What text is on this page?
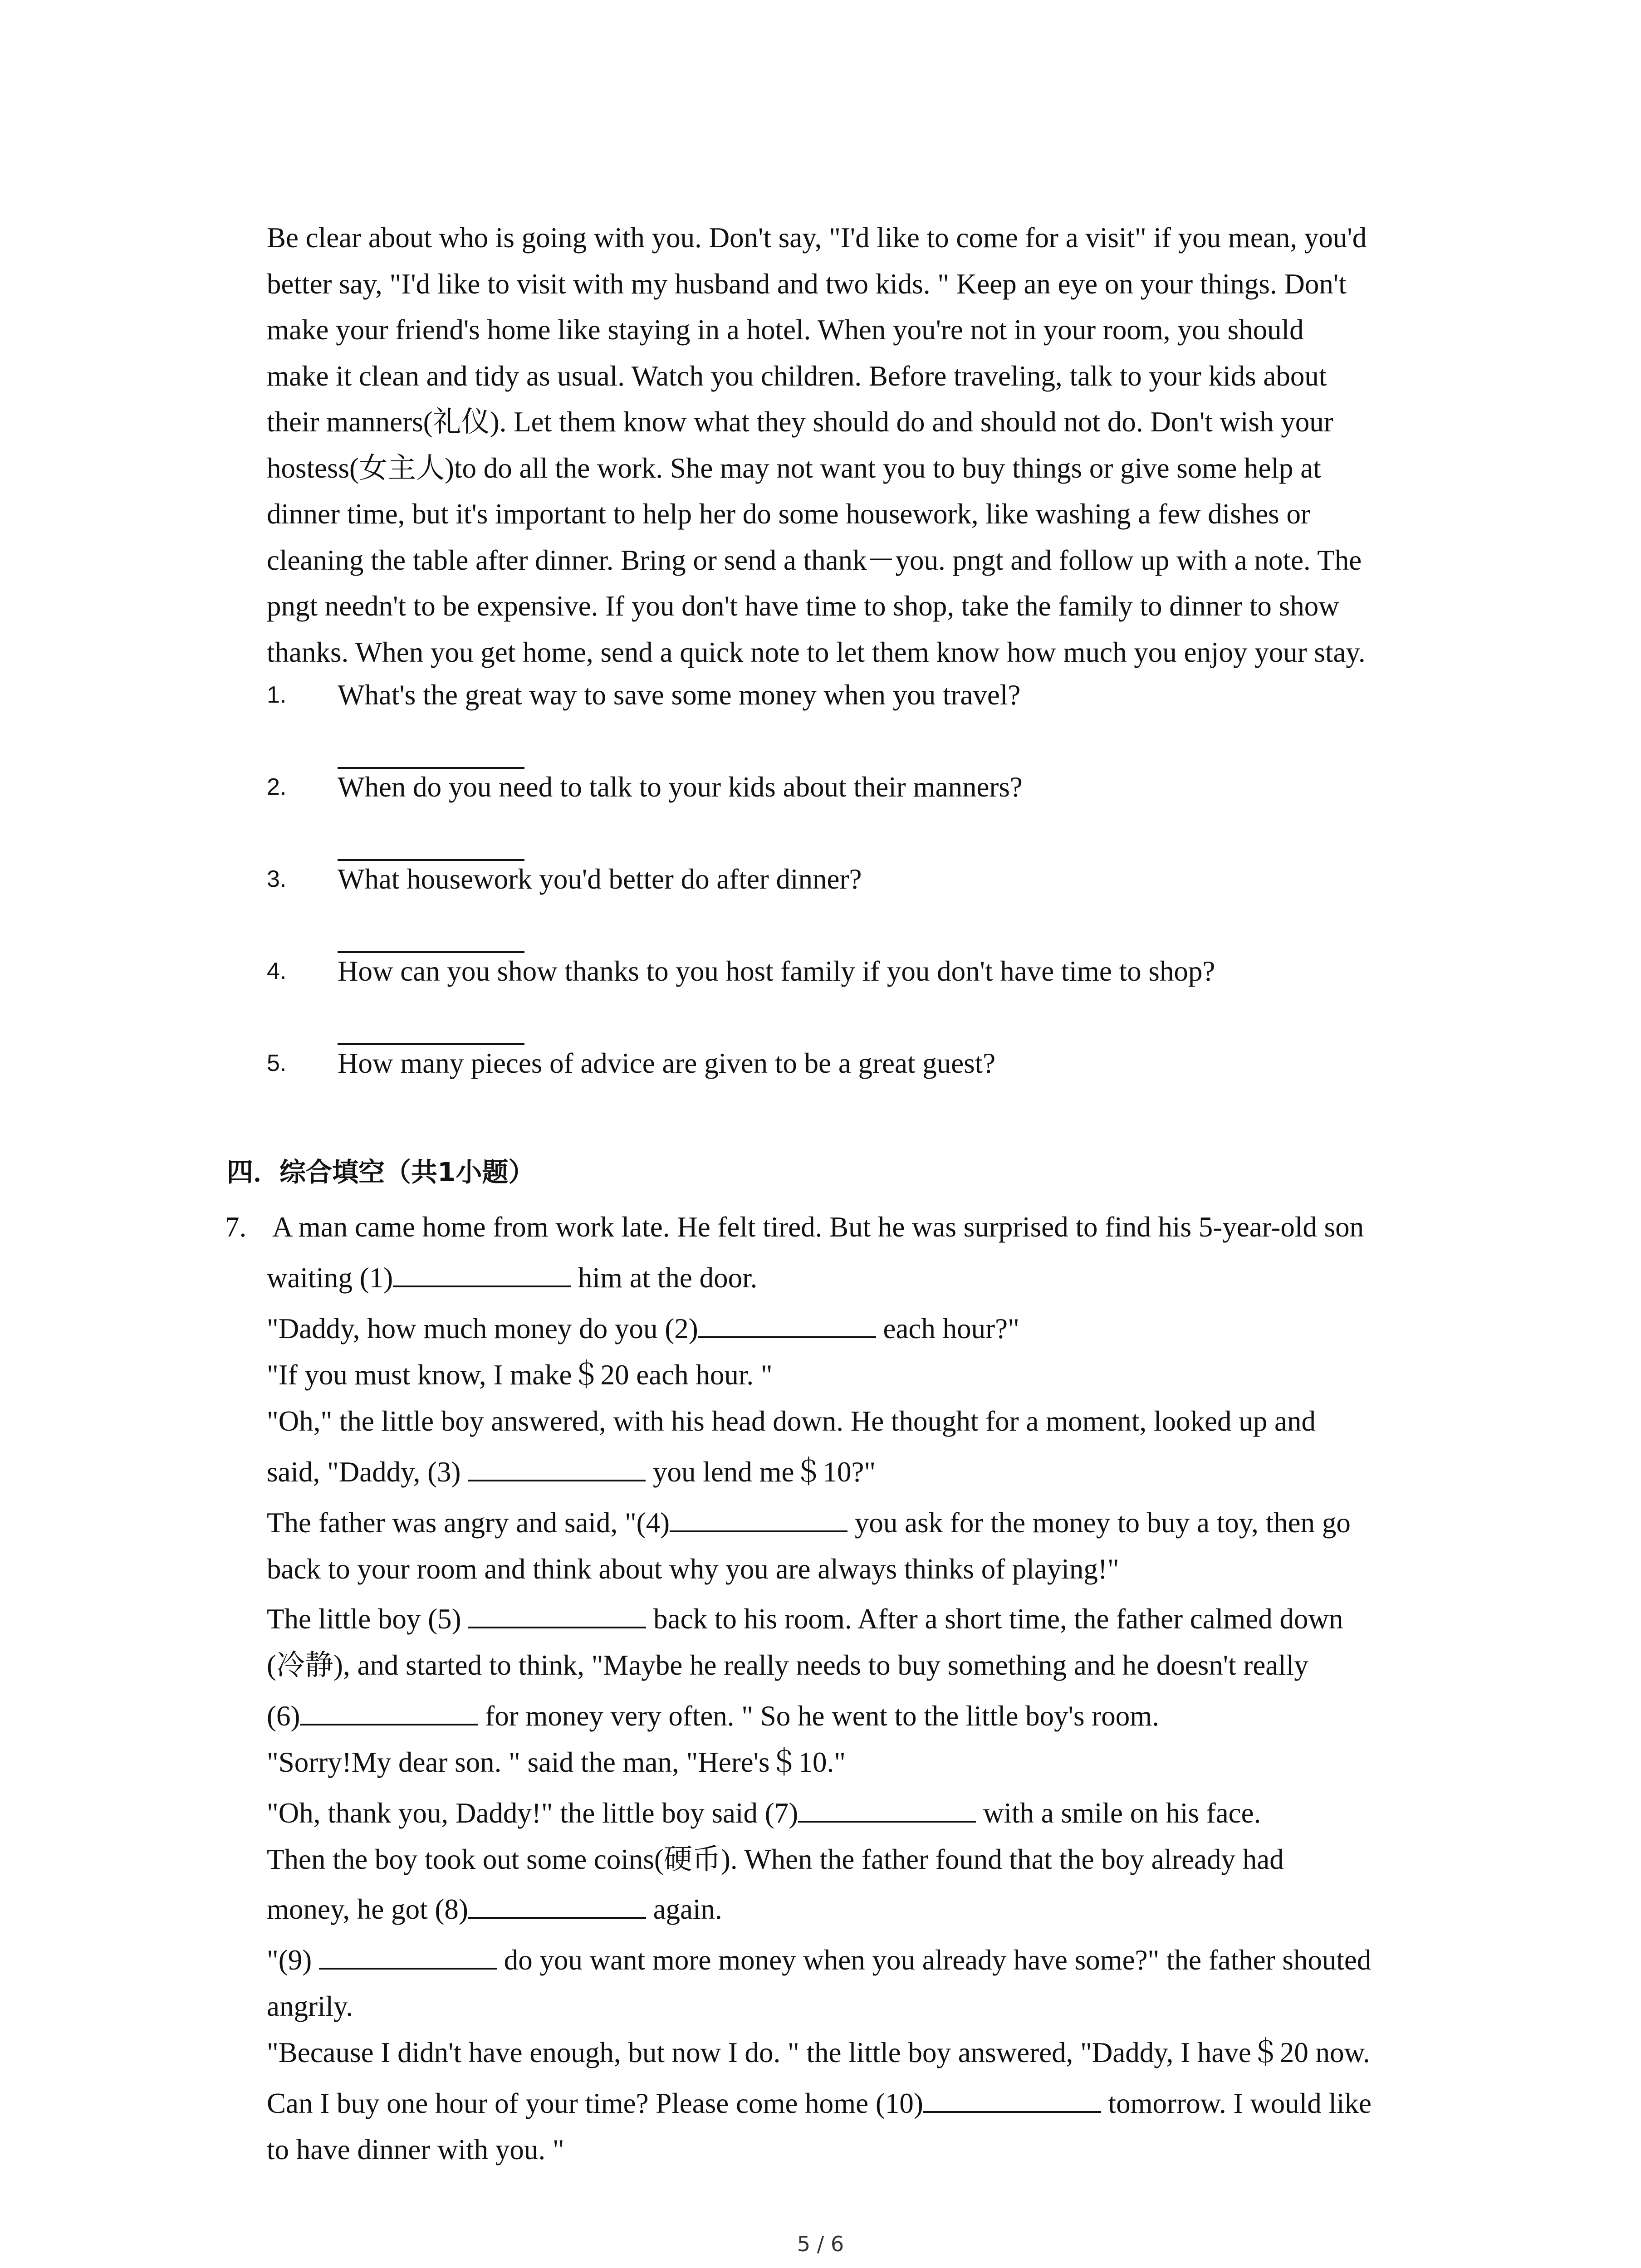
Be clear about who is going with you. Don't say, "I'd like to come for a visit" if you mean, you'd
better say, "I'd like to visit with my husband and two kids. " Keep an eye on your things. Don't
make your friend's home like staying in a hotel. When you're not in your room, you should
make it clean and tidy as usual. Watch you children. Before traveling, talk to your kids about
their manners(礼仪). Let them know what they should do and should not do. Don't wish your
hostess(女主人)to do all the work. She may not want you to buy things or give some help at
dinner time, but it's important to help her do some housework, like washing a few dishes or
cleaning the table after dinner. Bring or send a thank－you. pngt and follow up with a note. The
pngt needn't to be expensive. If you don't have time to shop, take the family to dinner to show
thanks. When you get home, send a quick note to let them know how much you enjoy your stay.

1. What's the great way to save some money when you travel?
2. When do you need to talk to your kids about their manners?
3. What housework you'd better do after dinner?
4. How can you show thanks to you host family if you don't have time to shop?
5. How many pieces of advice are given to be a great guest?
四．综合填空（共1小题）
7. A man came home from work late. He felt tired. But he was surprised to find his 5-year-old son
waiting (1)	him at the door.
"Daddy, how much money do you (2)	each hour?"
"If you must know, I make＄20 each hour. "
"Oh," the little boy answered, with his head down. He thought for a moment, looked up and
said, "Daddy, (3)	you lend me＄10?"
The father was angry and said, "(4)	you ask for the money to buy a toy, then go
back to your room and think about why you are always thinks of playing!"
The little boy (5)	back to his room. After a short time, the father calmed down
(冷静), and started to think, "Maybe he really needs to buy something and he doesn't really
(6)	for money very often. " So he went to the little boy's room.
"Sorry!My dear son. " said the man, "Here's＄10."
"Oh, thank you, Daddy!" the little boy said (7)	with a smile on his face.
Then the boy took out some coins(硬币). When the father found that the boy already had
money, he got (8)	again.
"(9)	do you want more money when you already have some?" the father shouted
angrily.
"Because I didn't have enough, but now I do. " the little boy answered, "Daddy, I have＄20 now.
Can I buy one hour of your time? Please come home (10)	tomorrow. I would like
to have dinner with you. "
5 / 6
